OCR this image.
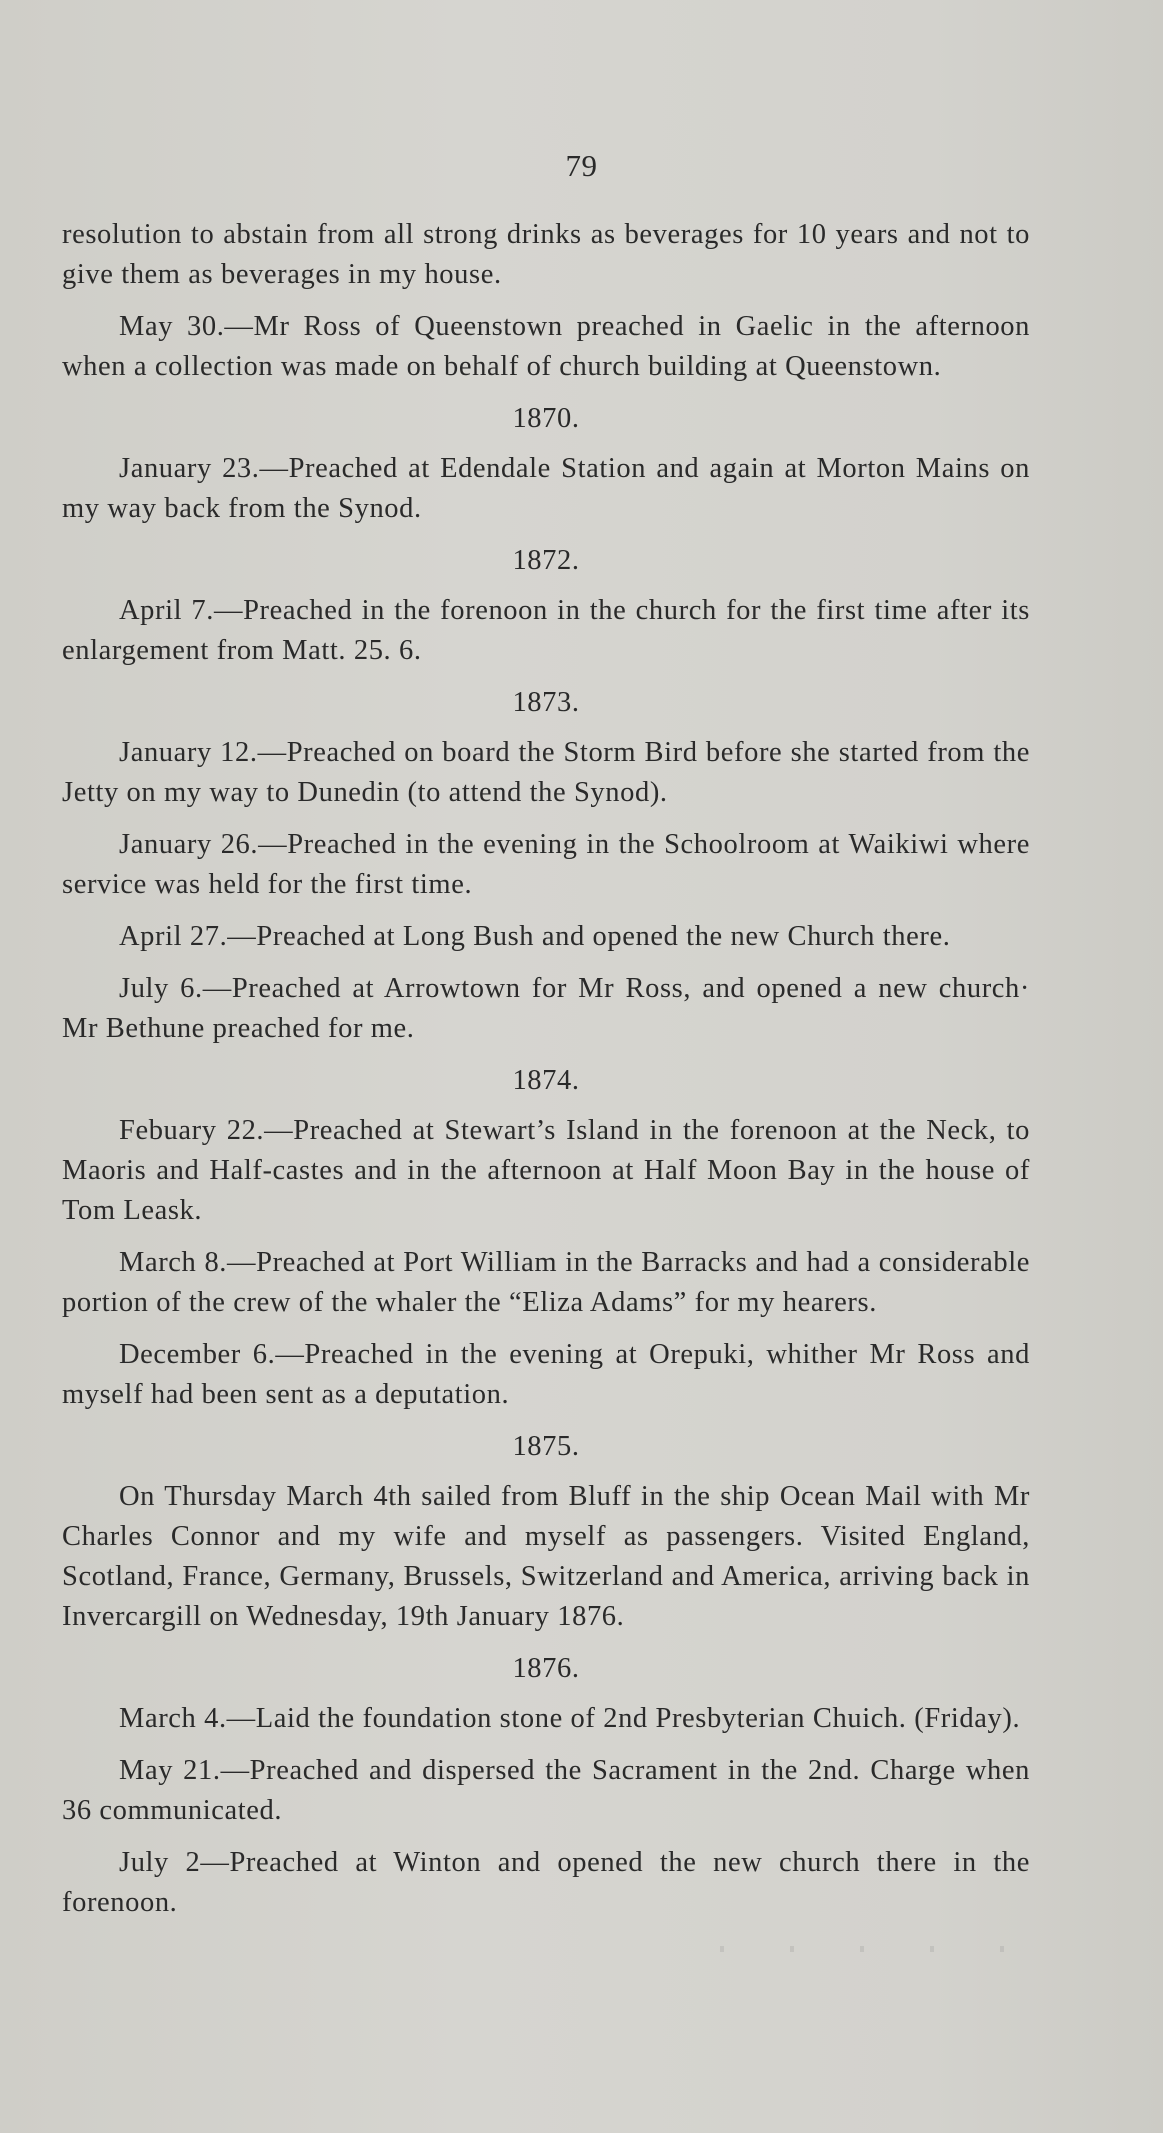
79

resolution to abstain from all strong drinks as beverages for 10 years and not to give them as beverages in my house.

May 30.—Mr Ross of Queenstown preached in Gaelic in the afternoon when a collection was made on behalf of church building at Queenstown.

1870.

January 23.—Preached at Edendale Station and again at Morton Mains on my way back from the Synod.

1872.

April 7.—Preached in the forenoon in the church for the first time after its enlargement from Matt. 25. 6.

1873.

January 12.—Preached on board the Storm Bird before she started from the Jetty on my way to Dunedin (to attend the Synod).

January 26.—Preached in the evening in the Schoolroom at Waikiwi where service was held for the first time.

April 27.—Preached at Long Bush and opened the new Church there.

July 6.—Preached at Arrowtown for Mr Ross, and opened a new church· Mr Bethune preached for me.

1874.

Febuary 22.—Preached at Stewart’s Island in the forenoon at the Neck, to Maoris and Half-castes and in the afternoon at Half Moon Bay in the house of Tom Leask.

March 8.—Preached at Port William in the Barracks and had a considerable portion of the crew of the whaler the “Eliza Adams” for my hearers.

December 6.—Preached in the evening at Orepuki, whither Mr Ross and myself had been sent as a deputation.

1875.

On Thursday March 4th sailed from Bluff in the ship Ocean Mail with Mr Charles Connor and my wife and myself as passengers. Visited England, Scotland, France, Germany, Brussels, Switzerland and America, arriving back in Invercargill on Wednesday, 19th January 1876.

1876.

March 4.—Laid the foundation stone of 2nd Presbyterian Chuich. (Friday).

May 21.—Preached and dispersed the Sacrament in the 2nd. Charge when 36 communicated.

July 2—Preached at Winton and opened the new church there in the forenoon.
